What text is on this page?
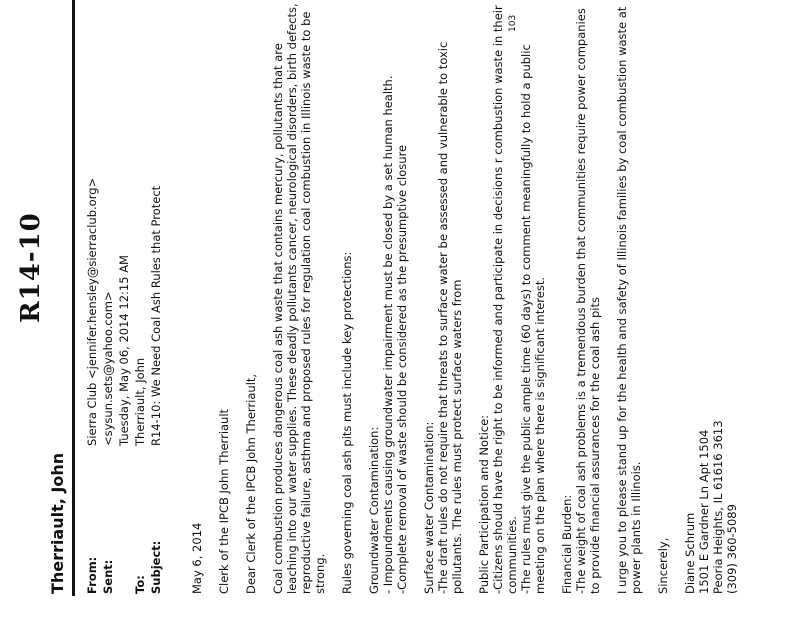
R14-10
Therriault, John From:Sierra Club <jennifer.hensley@sierraclub.org>
Sent:<sysun.sets@yahoo.com> Tuesday, May 06, 2014 12:15 AM
To:Therriault, John
Subject:R14-10: We Need Coal Ash Rules that Protect

May 6, 2014 Clerk of the IPCB John Therriault Dear Clerk of the IPCB John Therriault, Coal combustion produces dangerous coal ash waste that contains mercury, pollutants that are leaching into our water supplies. These deadly pollutants cancer, neurological disorders, birth defects, reproductive failure, asthma and proposed rules for regulation coal combustion in Illinois waste to be strong. Rules governing coal ash pits must include key protections: Groundwater Contamination:
- Impoundments causing groundwater impairment must be closed by a set human health.
-Complete removal of waste should be considered as the presumptive closure

Surface water Contamination:
-The draft rules do not require that threats to surface water be assessed and vulnerable to toxic pollutants. The rules must protect surface waters from

Public Participation and Notice:
-Citizens should have the right to be informed and participate in decisions r combustion waste in their communities.
-The rules must give the public ample time (60 days) to comment meaningfully to hold a public meeting on the plan where there is significant interest.

Financial Burden:
-The weight of coal ash problems is a tremendous burden that communities require power companies to provide financial assurances for the coal ash pits I urge you to please stand up for the health and safety of Illinois families by coal combustion waste at power plants in Illinois. Sincerely, Diane Schrum
1501 E Gardner Ln Apt 1504
Peoria Heights, IL 61616 3613
(309) 360-5089

103
